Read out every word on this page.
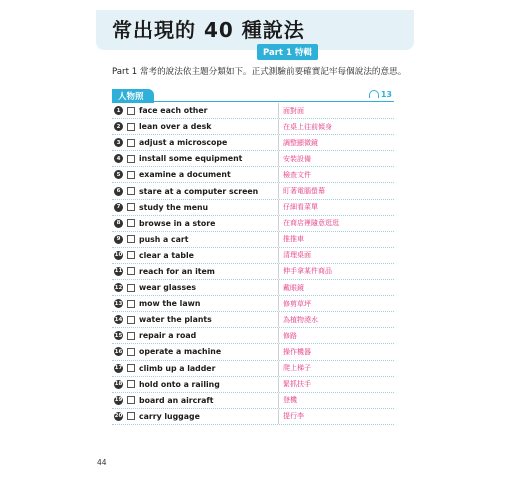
常出現的 40 種說法
Part 1 特輯
Part 1 常考的說法依主題分類如下。正式測驗前要確實記牢每個說法的意思。
人物照	13
1	face each other	面對面
2	lean over a desk	在桌上往前傾身
3	adjust a microscope	調整顯微鏡
4	install some equipment	安裝設備
5	examine a document	檢查文件
6	stare at a computer screen	盯著電腦螢幕
7	study the menu	仔細看菜單
8	browse in a store	在商店裡隨意逛逛
9	push a cart	推推車
10 clear a table	清理桌面
11 reach for an item	伸手拿某件商品
12 wear glasses	戴眼鏡
13 mow the lawn	修剪草坪
14 water the plants	為植物澆水
15 repair a road	修路
16 operate a machine	操作機器
17 climb up a ladder	爬上梯子
18 hold onto a railing	緊抓扶手
19 board an aircraft	登機
20 carry luggage	提行李
44
